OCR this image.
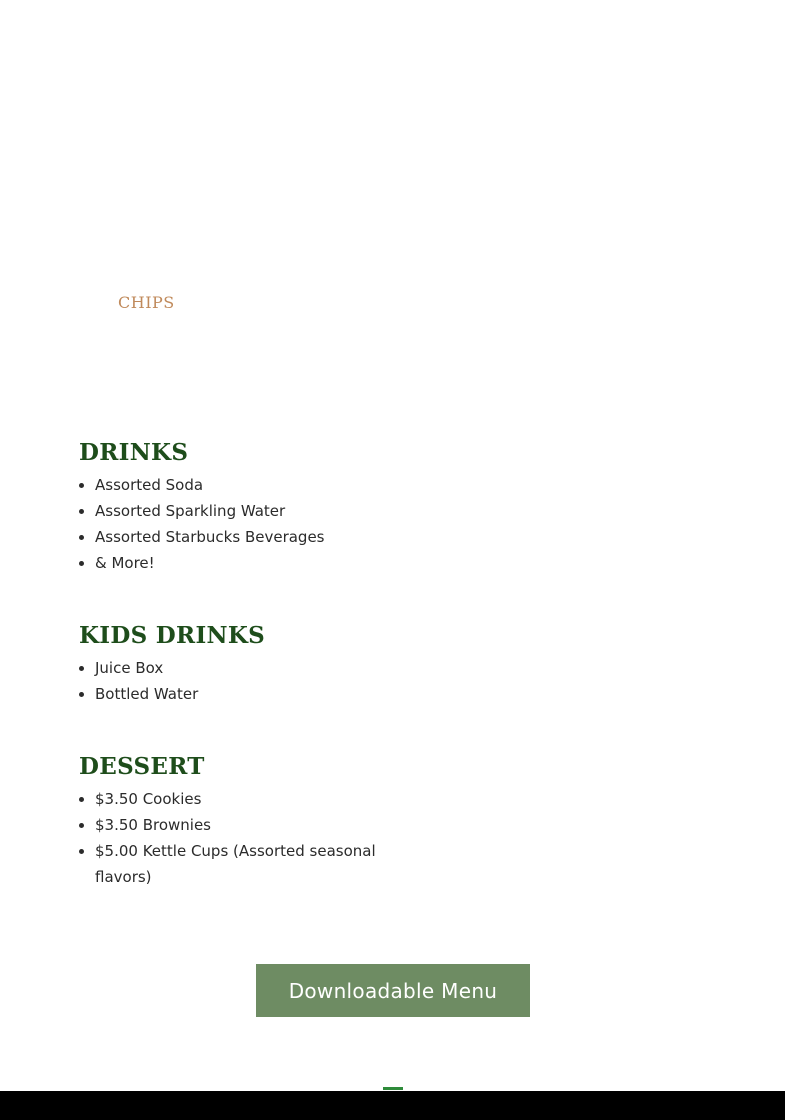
CHIPS
DRINKS
• Assorted Soda
• Assorted Sparkling Water
• Assorted Starbucks Beverages
• & More!
KIDS DRINKS
• Juice Box
• Bottled Water
DESSERT
• $3.50 Cookies
• $3.50 Brownies
• $5.00 Kettle Cups (Assorted seasonal flavors)
Downloadable Menu
